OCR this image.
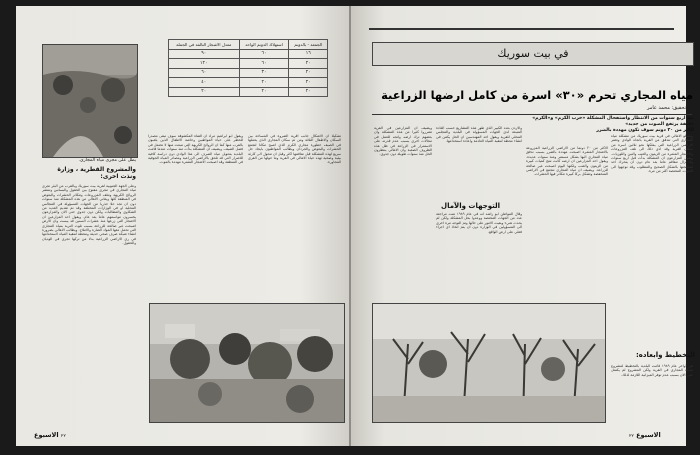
يطل على مجرى مياه المجاري.
والمشروع القطرية ، وزارة ونذت اخرى:

وعلى الجهة الجنوبية لقرية بيت سوريك وبالقرب من البئر تجري مياه المجاري في مجرى مفتوح بين الحقول والبساتين وتنتشر الروائح الكريهة وتتلف المزروعات وتتكاثر الحشرات والبعوض في المنطقة كلها ويعاني الاهالي من هذه المشكلة منذ سنوات دون ان تجد حلا جذريا من الجهات المسؤولة في المجالس المحلية او في الوزارات المختلفة وقد تم تقديم العديد من الشكاوى والمطالبات ولكن دون جدوى حتى الان والمزارعون يخسرون مواسمهم عاما بعد عام. ويقول احد المزارعين ان الاشجار التي زرعها منذ عشرات السنين قد يبست وان الارض اصبحت غير صالحة للزراعة بسبب تلوث التربة بمياه المجاري التي تحمل معها المواد الضارة والاملاح. ويطالب الاهالي بضرورة انشاء شبكة صرف صحي حديثة ومحطة لتنقية المياه لاستخدامها في ري الاراضي الزراعية بدلا من تركها تجري في الوديان والحقول.

معدل الاشجار التالفة في الجملة	استهلاك الدونم الواحد	الجمعة - بالدونم
٩٠	٦٠	١٦
١٢٠	٦٠	٢٠
٦٠	٣٠	٢٠
٤٠	٢٠	٢٠
٢٠	٢٠	٢٠

ويقول ابو ابراهيم مراد ان القناة المكشوفة سوف تبقى مصدرا للخطر على حياة المواطنين وخاصة الاطفال الذين يلعبون بالقرب منها كما ان الروائح الكريهة التي تنبعث منها لا تحتمل في فصل الصيف. ويضيف ان المشكلة بدأت منذ سنوات عندما قامت البلدية بتحويل مياه الصرف الى هذا الوادي دون دراسة كافية للاضرار التي قد تلحق بالاراضي الزراعية ومصادر المياه الجوفية في المنطقة وقد اصبحت الاشجار المثمرة مهددة بالموت.

تشكيلا ان الاشكال جانب اقرية الضروة في المساحة بين السكان والاطفال الثلاثة ومن ثم سكان المجاري الذي يحملها في الصيف خطورة مجاري الكرم الذي اصبح مكانا لتجمع الحشرات والبعوض والجرذان ويطالب المواطنون بايجاد حل سريع لهذه المشكلة قبل تفاقمها اكثر وقبل ان تتحول الى كارثة بيئية وصحية تهدد حياة الاهالي في القرية وما حولها من القرى المجاورة.

٢٢ الاسبوع
في بيت سوريك
مياه المجاري تحرم «٣٠» اسرة من كامل ارضها الزراعية
تحقيق: محمد عامر
بعد اربع سنوات من الانتظار واستفحال المشكلة «خرب الكرم» و«الكرم» «فتقة يرتفع الصوت من جديد»
الكثر من ٢٠ دونم سوف تكون مهددة بالضرر

ويشكو الاهالي في قرية بيت سوريك من مشكلة مياه المجاري التي تتدفق من القرية باتجاه الوادي وتغمر الاراضي الزراعية التي يملكها نحو ثلاثين اسرة من سكان القرية وقد ادى ذلك الى تلف المزروعات والاشجار المثمرة من الزيتون والعنب والتين واللوزيات. ويقول المزارعون ان المشكلة بدأت قبل اربع سنوات ولا تزال تتفاقم عاما بعد عام دون ان يتحرك احد لمعالجتها بالشكل الصحيح والمطلوب وقد توجهوا الى الجهات المختصة اكثر من مرة.

التخطيط وابعاده:

في اواخر عام ١٩٨٩ قامت البلدية بالتخطيط لمشروع شبكة المجاري في القرية ولكن المشروع لم يكتمل حتى الان بسبب عدم توفر الميزانية اللازمة لذلك.

الاكثر من ٢٠ دونما من الاراضي الزراعية المزروعة بالاشجار المثمرة اصبحت مهددة بالضرر بسبب تدفق مياه المجاري اليها بشكل مستمر ومنذ سنوات عديدة. ويقول احد المزارعين ان ارضه كانت تنتج كميات كبيرة من الزيتون والعنب ولكنها اليوم اصبحت غير صالحة للزراعة. ويضيف ان مياه المجاري تتجمع في الاراضي المنخفضة وتشكل بركا كبيرة تتكاثر فيها الحشرات.

والاردن بعدد الكبير الذي طور هذه المشاريع حسب العادة المتبعة لدى الجهات المسؤولة في البلدية والمجلس المحلي للقرية ويقول احد المهندسين ان الحل يكمن في انشاء محطة لتنقية المياه العادمة واعادة استخدامها.

التوجهات والآمال

وقال المواطن ابو راشد انه في عام ١٩٨٩ تمت مراجعة عدد من الجهات المختصة ووعدوا بحل المشكلة ولكن لم يحدث شيء وبقيت الامور على حالها وتم التوجه مرة اخرى الى المسؤولين في الوزارة دون ان يتم اتخاذ اي اجراء فعلي على ارض الواقع.

ويضيف ان المزارعين في القرية تضرروا كثيرا من هذه المشكلة وان بعضهم ترك ارضه واتجه للعمل في مجالات اخرى بسبب عدم قدرته على الاستمرار في الزراعة في ظل هذه الظروف الصعبة وان الاهالي ينتظرون الحل منذ سنوات طويلة دون جدوى.

الاسبوع ٢٢
